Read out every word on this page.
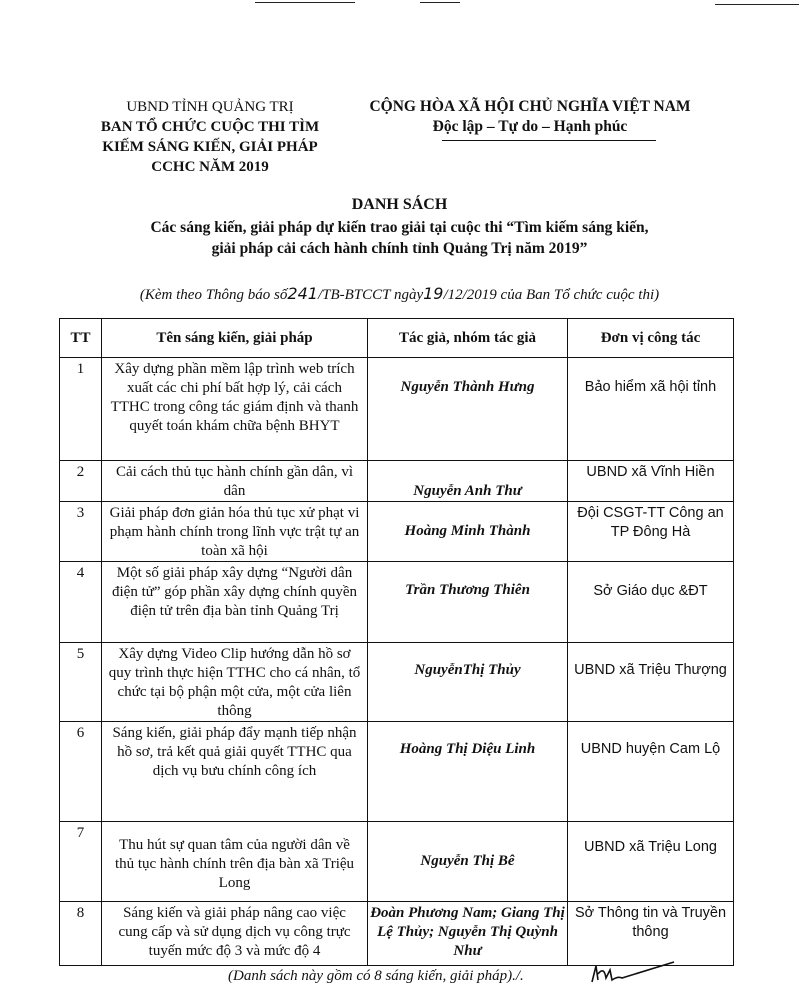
UBND TỈNH QUẢNG TRỊ
BAN TỔ CHỨC CUỘC THI TÌM
KIẾM SÁNG KIẾN, GIẢI PHÁP
CCHC NĂM 2019
CỘNG HÒA XÃ HỘI CHỦ NGHĨA VIỆT NAM
Độc lập – Tự do – Hạnh phúc
DANH SÁCH
Các sáng kiến, giải pháp dự kiến trao giải tại cuộc thi “Tìm kiếm sáng kiến,
giải pháp cải cách hành chính tỉnh Quảng Trị năm 2019”
(Kèm theo Thông báo số241/TB-BTCCT ngày19/12/2019 của Ban Tổ chức cuộc thi)
TT	Tên sáng kiến, giải pháp	Tác giả, nhóm tác giả	Đơn vị công tác
1	Xây dựng phần mềm lập trình web trích xuất các chi phí bất hợp lý, cải cách TTHC trong công tác giám định và thanh quyết toán khám chữa bệnh BHYT	Nguyễn Thành Hưng	Bảo hiểm xã hội tỉnh
2	Cải cách thủ tục hành chính gần dân, vì dân	Nguyễn Anh Thư	UBND xã Vĩnh Hiền
3	Giải pháp đơn giản hóa thủ tục xử phạt vi phạm hành chính trong lĩnh vực trật tự an toàn xã hội	Hoàng Minh Thành	Đội CSGT-TT Công an TP Đông Hà
4	Một số giải pháp xây dựng “Người dân điện tử” góp phần xây dựng chính quyền điện tử trên địa bàn tỉnh Quảng Trị	Trần Thương Thiên	Sở Giáo dục &ĐT
5	Xây dựng Video Clip hướng dẫn hồ sơ quy trình thực hiện TTHC cho cá nhân, tổ chức tại bộ phận một cửa, một cửa liên thông	NguyễnThị Thủy	UBND xã Triệu Thượng
6	Sáng kiến, giải pháp đẩy mạnh tiếp nhận hồ sơ, trả kết quả giải quyết TTHC qua dịch vụ bưu chính công ích	Hoàng Thị Diệu Linh	UBND huyện Cam Lộ
7	Thu hút sự quan tâm của người dân về thủ tục hành chính trên địa bàn xã Triệu Long	Nguyễn Thị Bê	UBND xã Triệu Long
8	Sáng kiến và giải pháp nâng cao việc cung cấp và sử dụng dịch vụ công trực tuyến mức độ 3 và mức độ 4	Đoàn Phương Nam; Giang Thị Lệ Thủy; Nguyễn Thị Quỳnh Như	Sở Thông tin và Truyền thông
(Danh sách này gồm có 8 sáng kiến, giải pháp)./.
